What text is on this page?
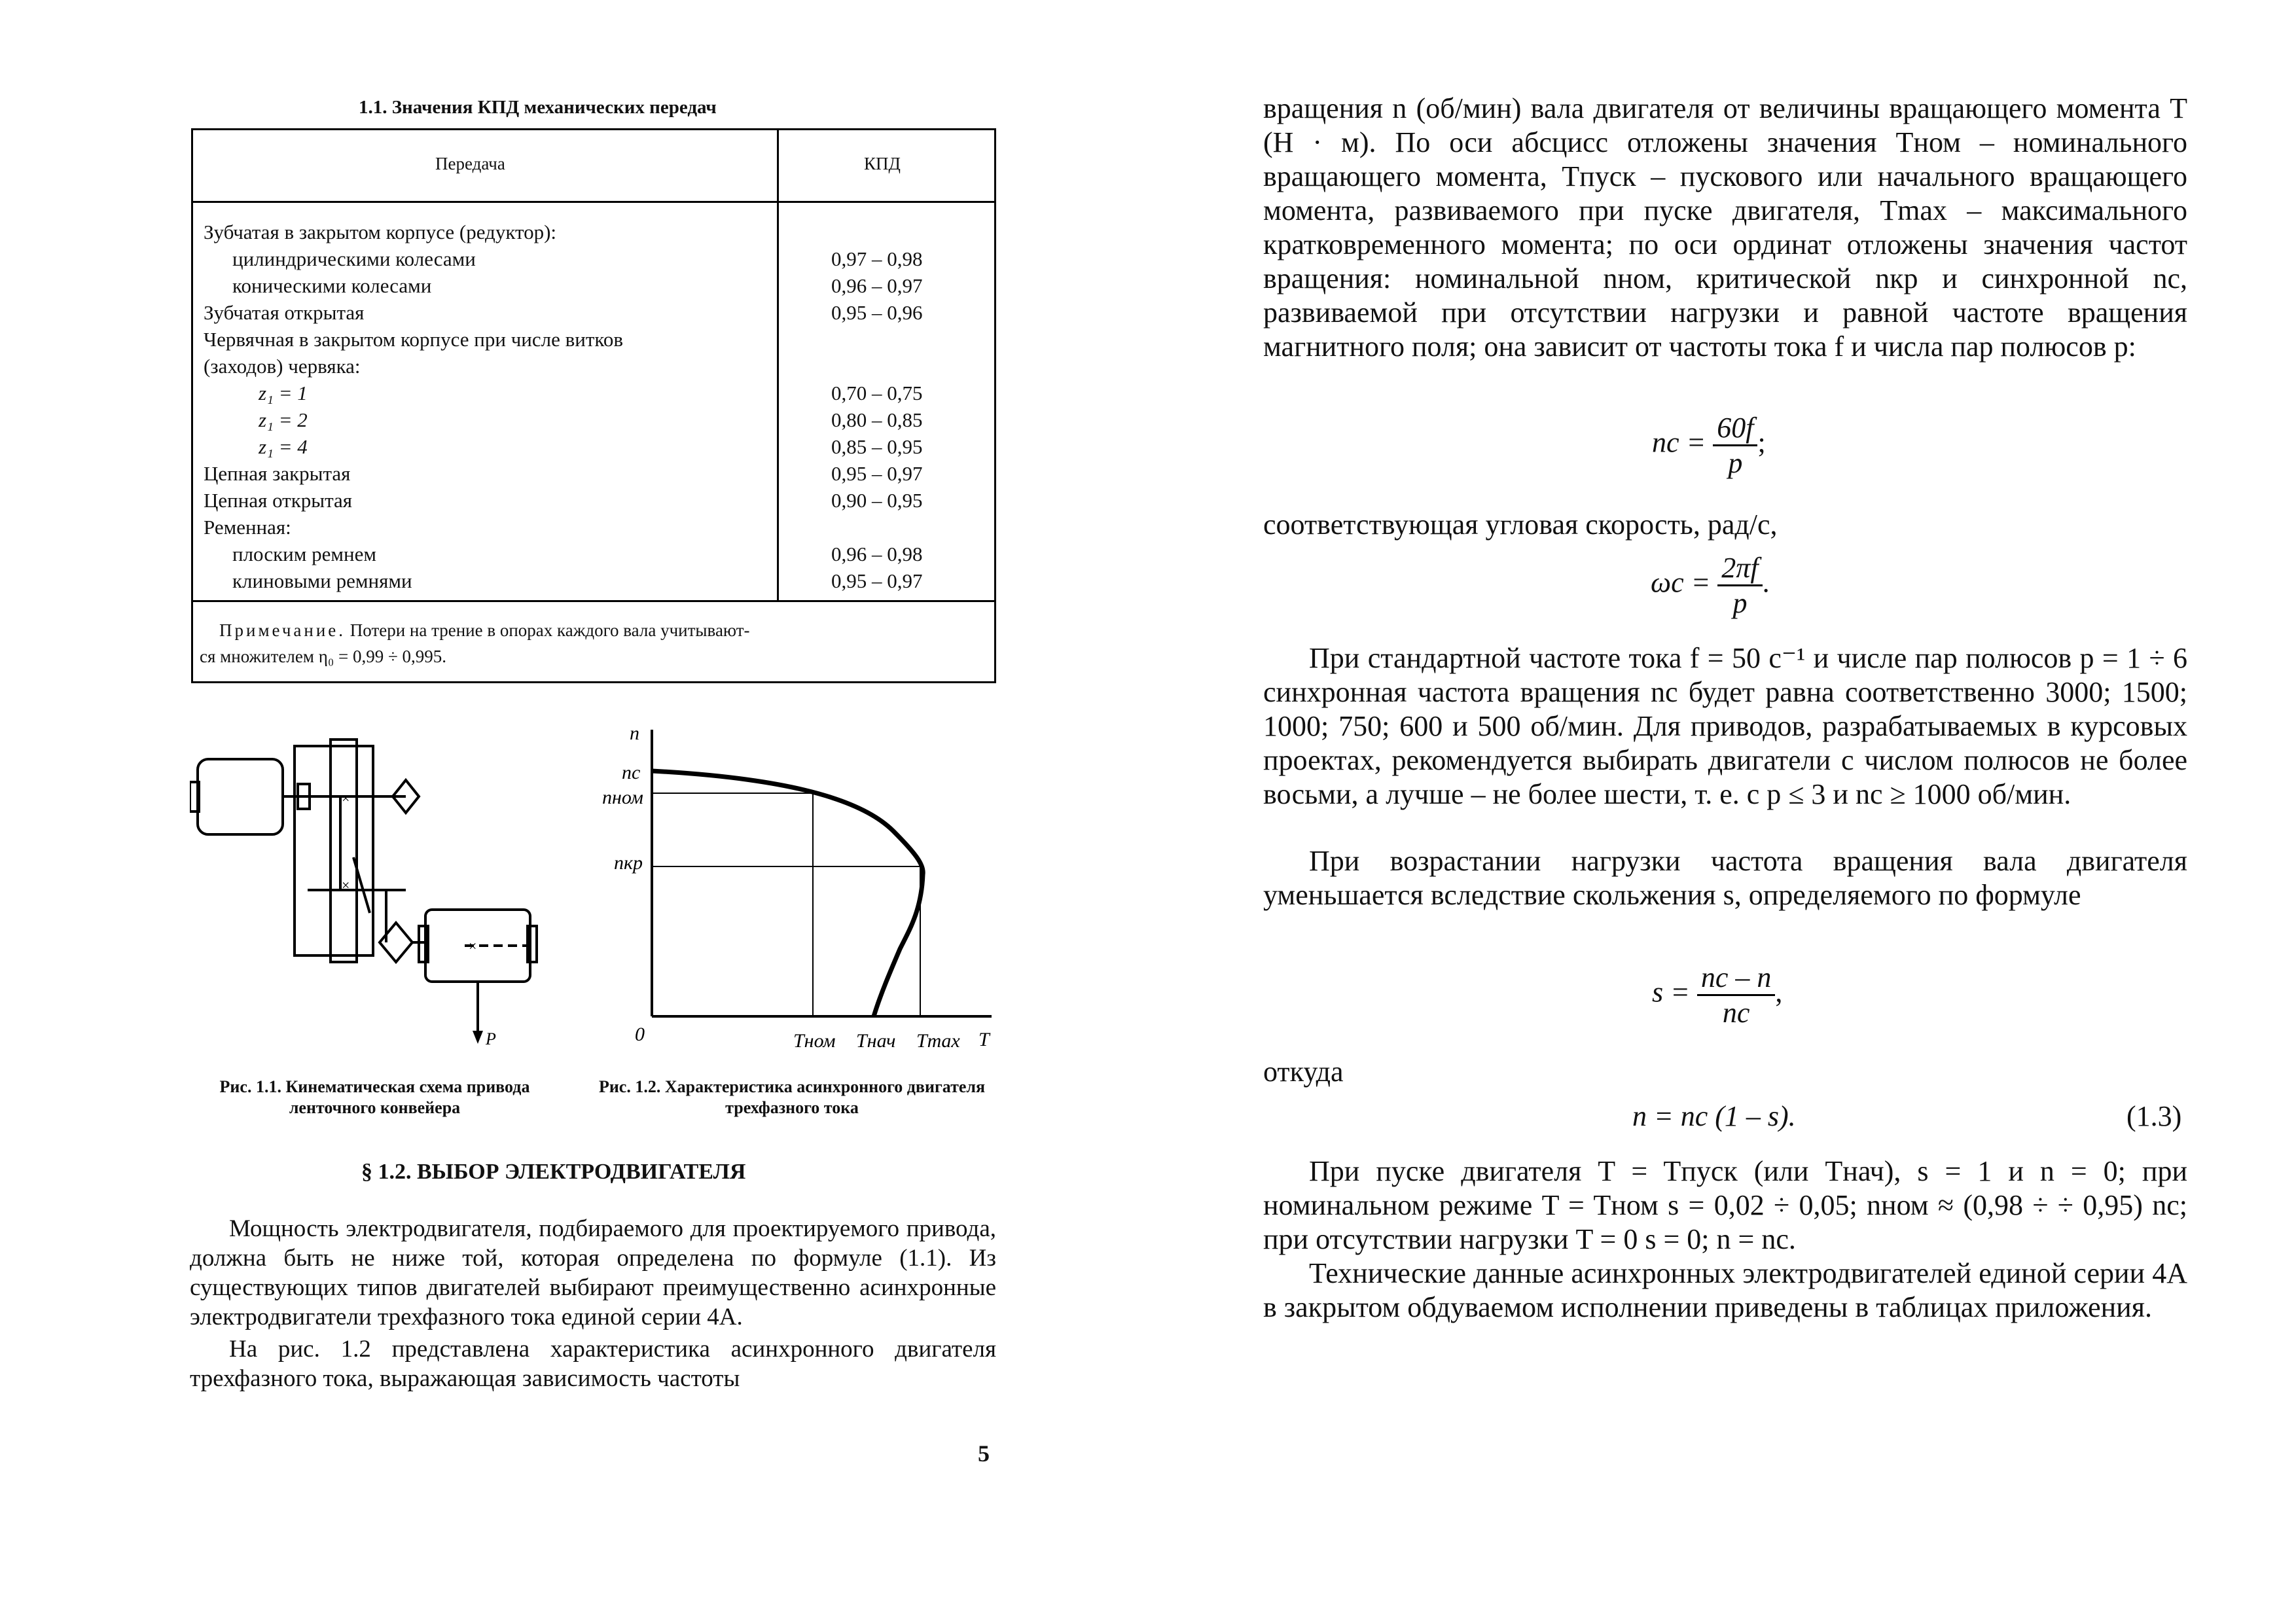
1.1. Значения КПД механических передач
Передача	КПД
Зубчатая в закрытом корпусе (редуктор):
цилиндрическими колесами	0,97 – 0,98
коническими колесами	0,96 – 0,97
Зубчатая открытая	0,95 – 0,96
Червячная в закрытом корпусе при числе витков
(заходов) червяка:
z₁ = 1	0,70 – 0,75
z₁ = 2	0,80 – 0,85
z₁ = 4	0,85 – 0,95
Цепная закрытая	0,95 – 0,97
Цепная открытая	0,90 – 0,95
Ременная:
плоским ремнем	0,96 – 0,98
клиновыми ремнями	0,95 – 0,97
Примечание. Потери на трение в опорах каждого вала учитывают-
ся множителем η₀ = 0,99 ÷ 0,995.
×
×
×
P
n
nс
nном
nкр
0	Tном Tнач Tmax T
Рис. 1.1. Кинематическая схема привода ленточного конвейера
Рис. 1.2. Характеристика асинхронного двигателя трехфазного тока
§ 1.2. ВЫБОР ЭЛЕКТРОДВИГАТЕЛЯ

Мощность электродвигателя, подбираемого для проектируемого привода, должна быть не ниже той, которая определена по формуле (1.1). Из существующих типов двигателей выбирают преимущественно асинхронные электродвигатели трехфазного тока единой серии 4А.

На рис. 1.2 представлена характеристика асинхронного двигателя трехфазного тока, выражающая зависимость частоты

5
вращения n (об/мин) вала двигателя от величины вращающего момента T (Н · м). По оси абсцисс отложены значения Tном – номинального вращающего момента, Tпуск – пускового или начального вращающего момента, развиваемого при пуске двигателя, Tmax – максимального кратковременного момента; по оси ординат отложены значения частот вращения: номинальной nном, критической nкр и синхронной nс, развиваемой при отсутствии нагрузки и равной частоте вращения магнитного поля; она зависит от частоты тока f и числа пар полюсов p:
nс = $\frac{60f}{p}$ ;
соответствующая угловая скорость, рад/с,
$\omega с = \frac{2\pi f}{p}$ .
При стандартной частоте тока f = 50 с⁻¹ и числе пар полюсов p = 1 ÷ 6 синхронная частота вращения nс будет равна соответственно 3000; 1500; 1000; 750; 600 и 500 об/мин. Для приводов, разрабатываемых в курсовых проектах, рекомендуется выбирать двигатели с числом полюсов не более восьми, а лучше – не более шести, т. е. с p ≤ 3 и nс ≥ 1000 об/мин.
При возрастании нагрузки частота вращения вала двигателя уменьшается вследствие скольжения s, определяемого по формуле
$s = \frac{nс - n}{nс}$ ,
откуда
n = nс (1 – s).	(1.3)
При пуске двигателя T = Tпуск (или Tнач), s = 1 и n = 0; при номинальном режиме T = Tном s = 0,02 ÷ 0,05; nном ≈ (0,98 ÷ ÷ 0,95) nс; при отсутствии нагрузки T = 0 s = 0; n = nс.
Технические данные асинхронных электродвигателей единой серии 4А в закрытом обдуваемом исполнении приведены в таблицах приложения.
